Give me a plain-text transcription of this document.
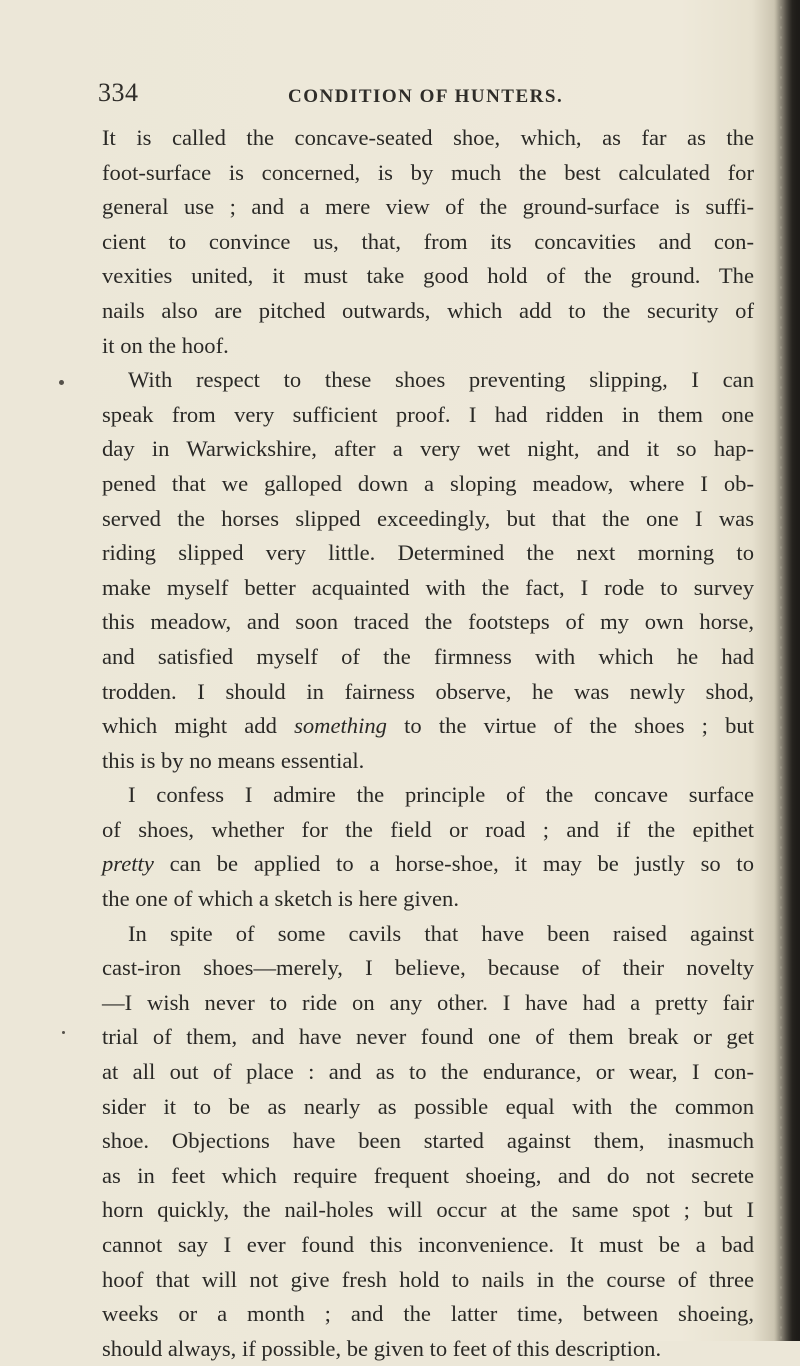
334	CONDITION OF HUNTERS.
It is called the concave-seated shoe, which, as far as the
foot-surface is concerned, is by much the best calculated for
general use ; and a mere view of the ground-surface is suffi-
cient to convince us, that, from its concavities and con-
vexities united, it must take good hold of the ground. The
nails also are pitched outwards, which add to the security of
it on the hoof.
With respect to these shoes preventing slipping, I can
speak from very sufficient proof. I had ridden in them one
day in Warwickshire, after a very wet night, and it so hap-
pened that we galloped down a sloping meadow, where I ob-
served the horses slipped exceedingly, but that the one I was
riding slipped very little. Determined the next morning to
make myself better acquainted with the fact, I rode to survey
this meadow, and soon traced the footsteps of my own horse,
and satisfied myself of the firmness with which he had
trodden. I should in fairness observe, he was newly shod,
which might add something to the virtue of the shoes ; but
this is by no means essential.
I confess I admire the principle of the concave surface
of shoes, whether for the field or road ; and if the epithet
pretty can be applied to a horse-shoe, it may be justly so to
the one of which a sketch is here given.
In spite of some cavils that have been raised against
cast-iron shoes—merely, I believe, because of their novelty
—I wish never to ride on any other. I have had a pretty fair
trial of them, and have never found one of them break or get
at all out of place : and as to the endurance, or wear, I con-
sider it to be as nearly as possible equal with the common
shoe. Objections have been started against them, inasmuch
as in feet which require frequent shoeing, and do not secrete
horn quickly, the nail-holes will occur at the same spot ; but I
cannot say I ever found this inconvenience. It must be a bad
hoof that will not give fresh hold to nails in the course of three
weeks or a month ; and the latter time, between shoeing,
should always, if possible, be given to feet of this description.
